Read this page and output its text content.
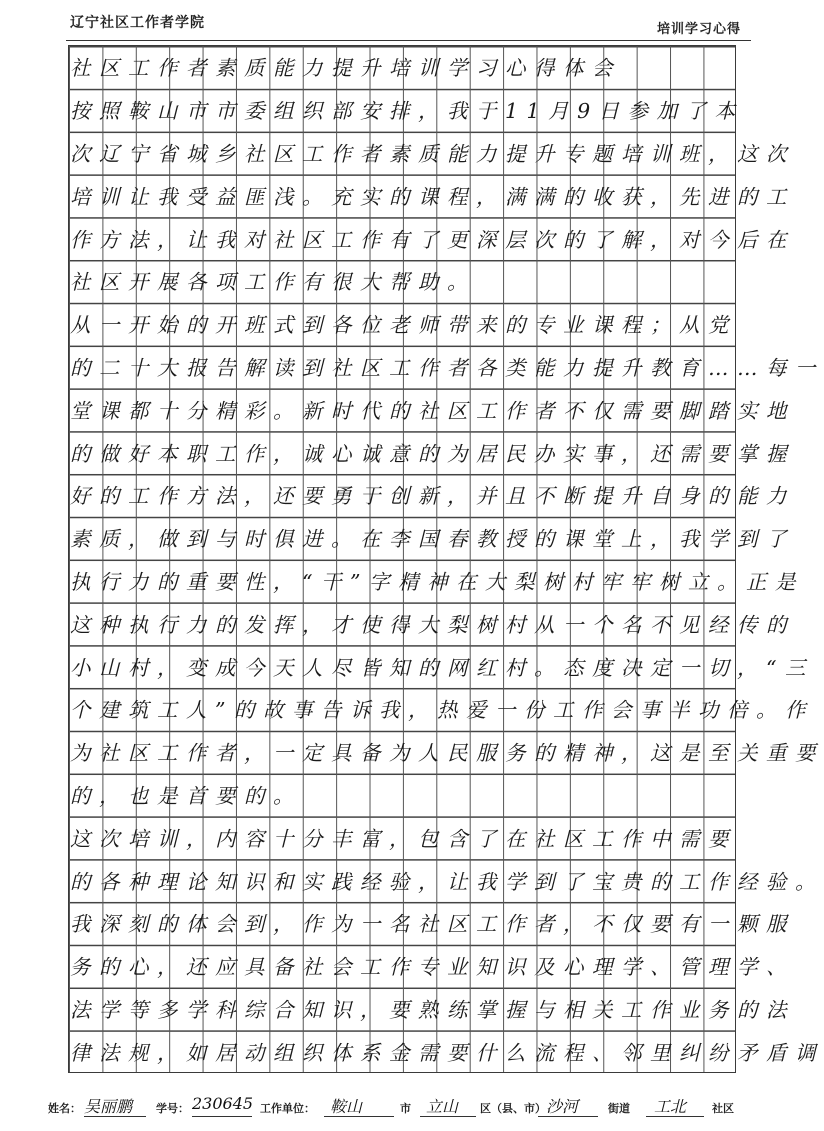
辽宁社区工作者学院	培训学习心得
社区工作者素质能力提升培训学习心得体会
按照鞍山市市委组织部安排，我于11月9日参加了本
次辽宁省城乡社区工作者素质能力提升专题培训班，这次
培训让我受益匪浅。充实的课程，满满的收获，先进的工
作方法，让我对社区工作有了更深层次的了解，对今后在
社区开展各项工作有很大帮助。
从一开始的开班式到各位老师带来的专业课程；从党
的二十大报告解读到社区工作者各类能力提升教育……每一
堂课都十分精彩。新时代的社区工作者不仅需要脚踏实地
的做好本职工作，诚心诚意的为居民办实事，还需要掌握
好的工作方法，还要勇于创新，并且不断提升自身的能力
素质，做到与时俱进。在李国春教授的课堂上，我学到了
执行力的重要性，“干”字精神在大梨树村牢牢树立。正是
这种执行力的发挥，才使得大梨树村从一个名不见经传的
小山村，变成今天人尽皆知的网红村。态度决定一切，“三
个建筑工人”的故事告诉我，热爱一份工作会事半功倍。作
为社区工作者，一定具备为人民服务的精神，这是至关重要
的，也是首要的。
这次培训，内容十分丰富，包含了在社区工作中需要
的各种理论知识和实践经验，让我学到了宝贵的工作经验。
我深刻的体会到，作为一名社区工作者，不仅要有一颗服
务的心，还应具备社会工作专业知识及心理学、管理学、
法学等多学科综合知识，要熟练掌握与相关工作业务的法
律法规，如居动组织体系金需要什么流程、邻里纠纷矛盾调
姓名： 吴丽鹏 学号： 230645 工作单位： 鞍山	市 立山 区（县、市） 沙河	街道 工北 社区
